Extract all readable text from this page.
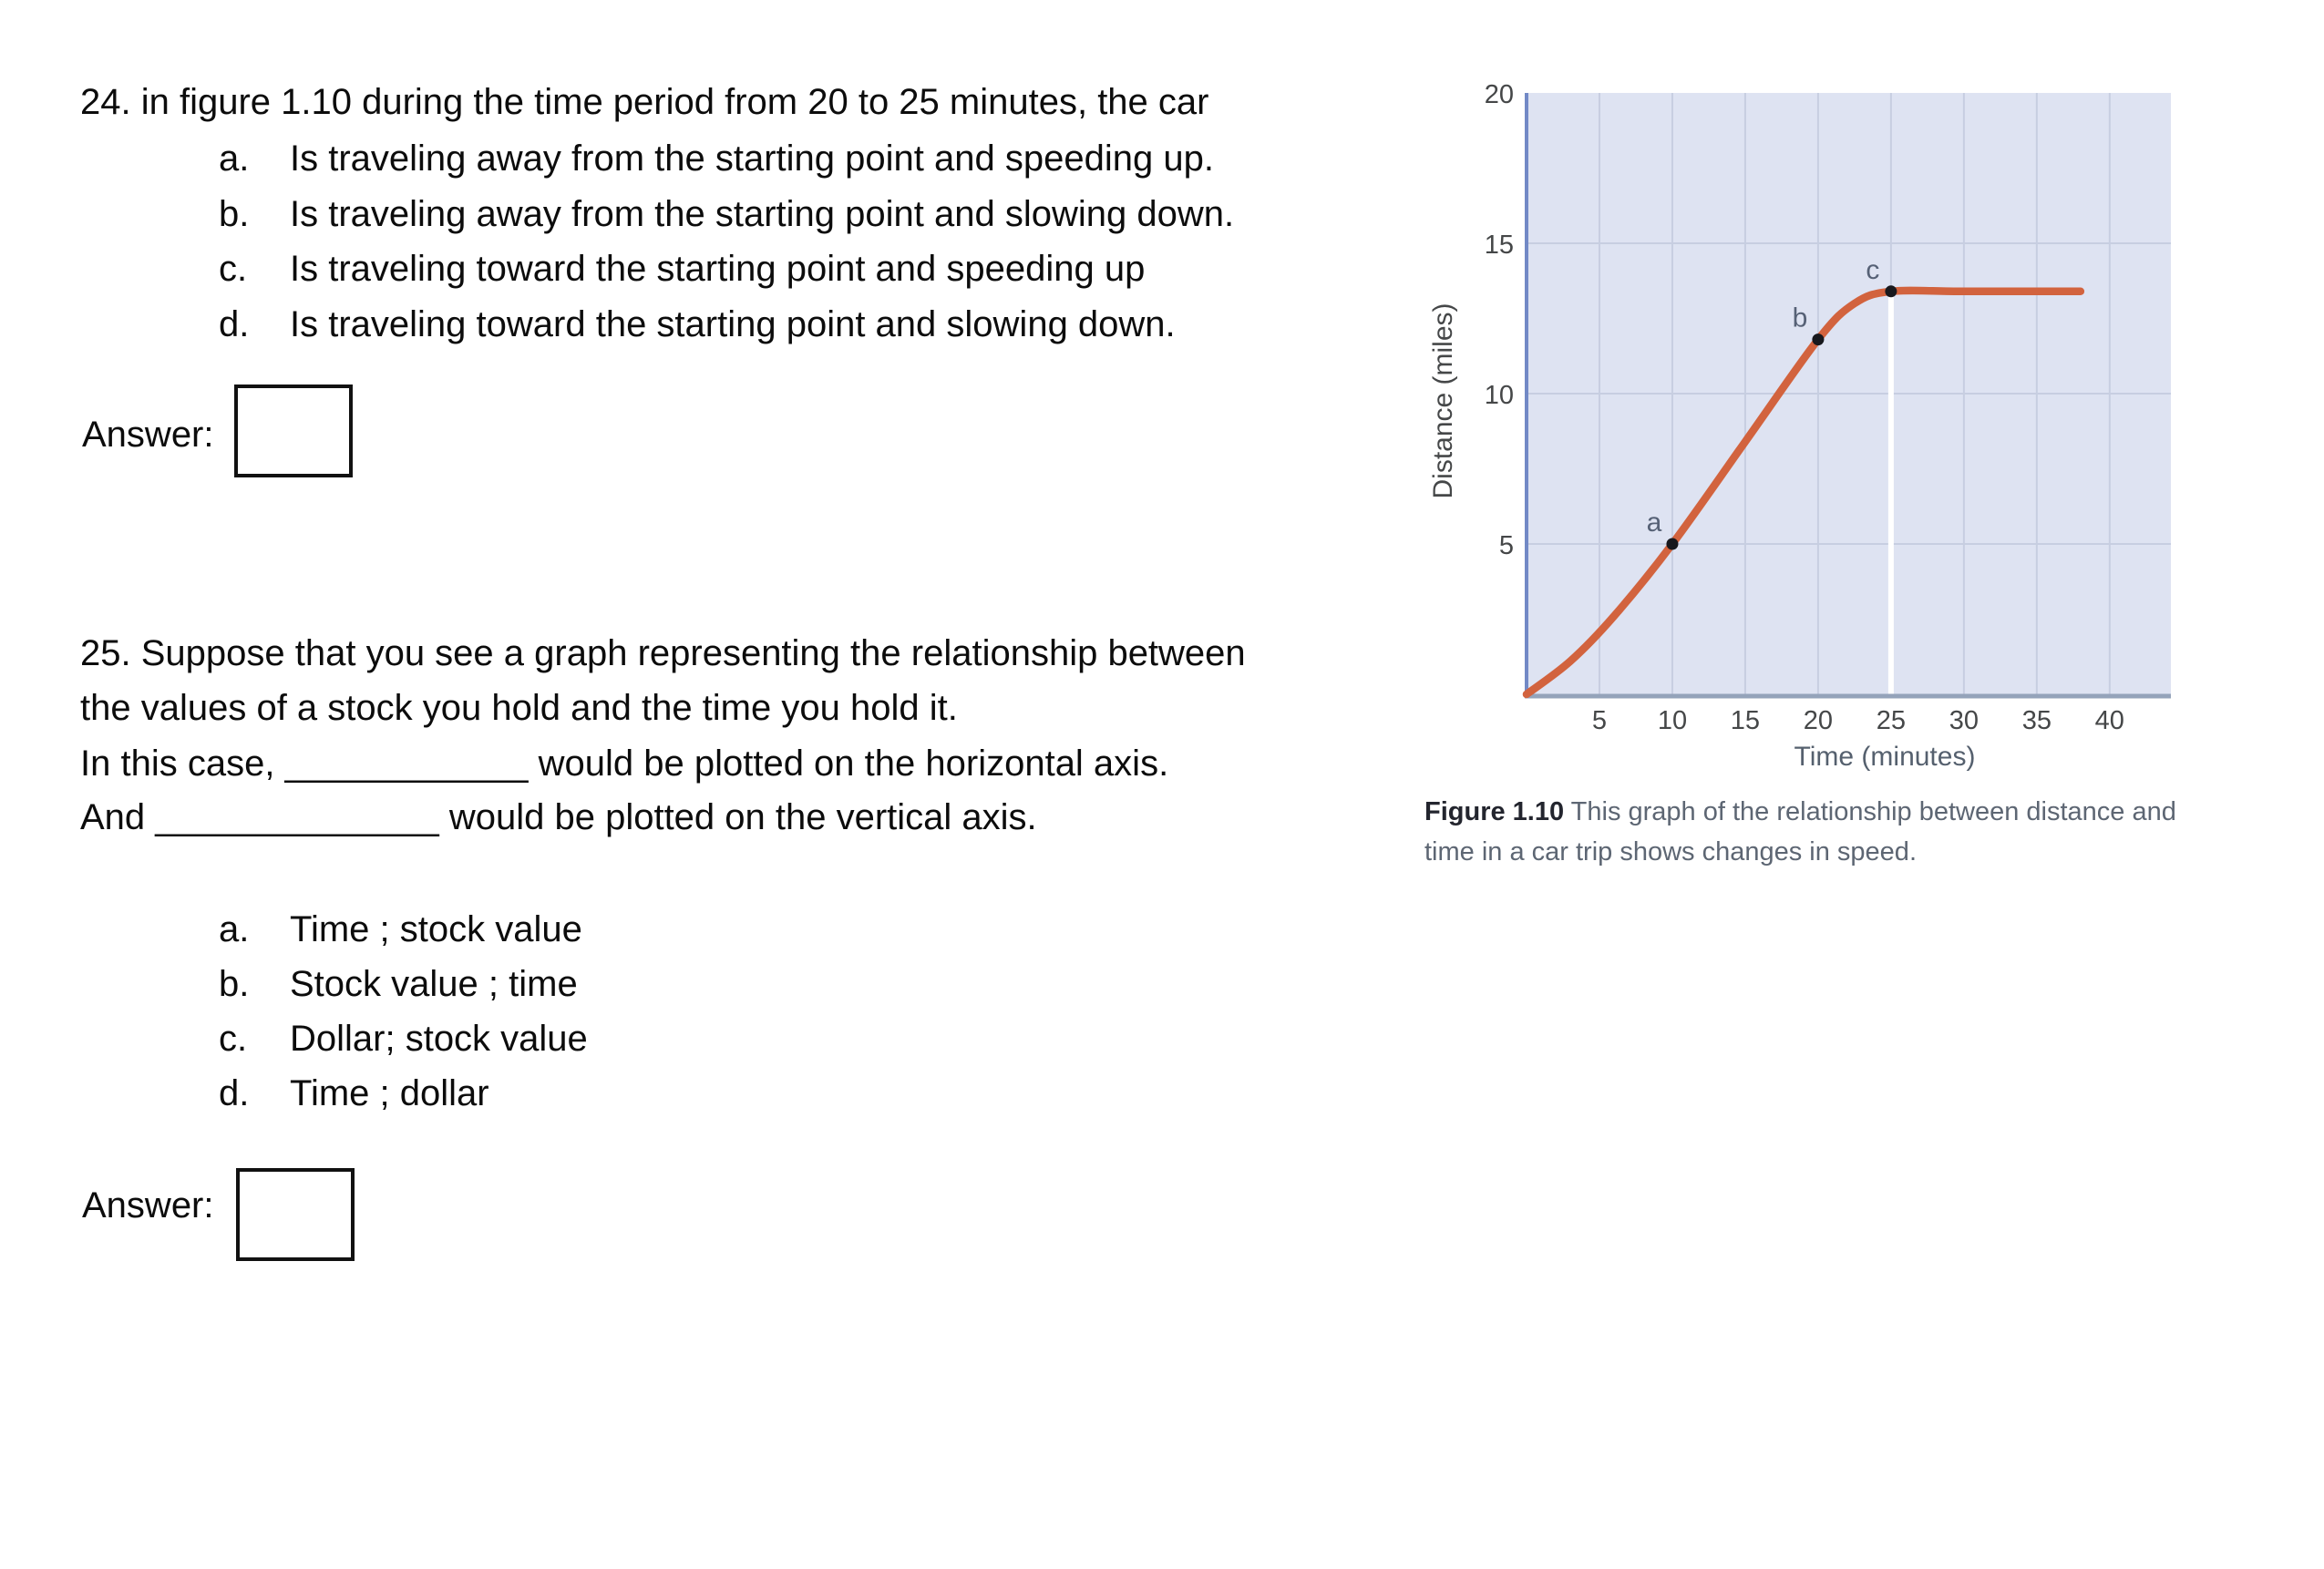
24. in figure 1.10 during the time period from 20 to 25 minutes, the car
a. Is traveling away from the starting point and speeding up.
b. Is traveling away from the starting point and slowing down.
c. Is traveling toward the starting point and speeding up
d. Is traveling toward the starting point and slowing down.
Answer:
25. Suppose that you see a graph representing the relationship between
the values of a stock you hold and the time you hold it.
In this case, ____________ would be plotted on the horizontal axis.
And ______________ would be plotted on the vertical axis.
a. Time ; stock value
b. Stock value ; time
c. Dollar; stock value
d. Time ; dollar
Answer:
a
b
c
5
10
15
20
5 10 15 20 25 30 35 40
Time (minutes)
Distance (miles)
Figure 1.10 This graph of the relationship between distance and time in a car trip shows changes in speed.
